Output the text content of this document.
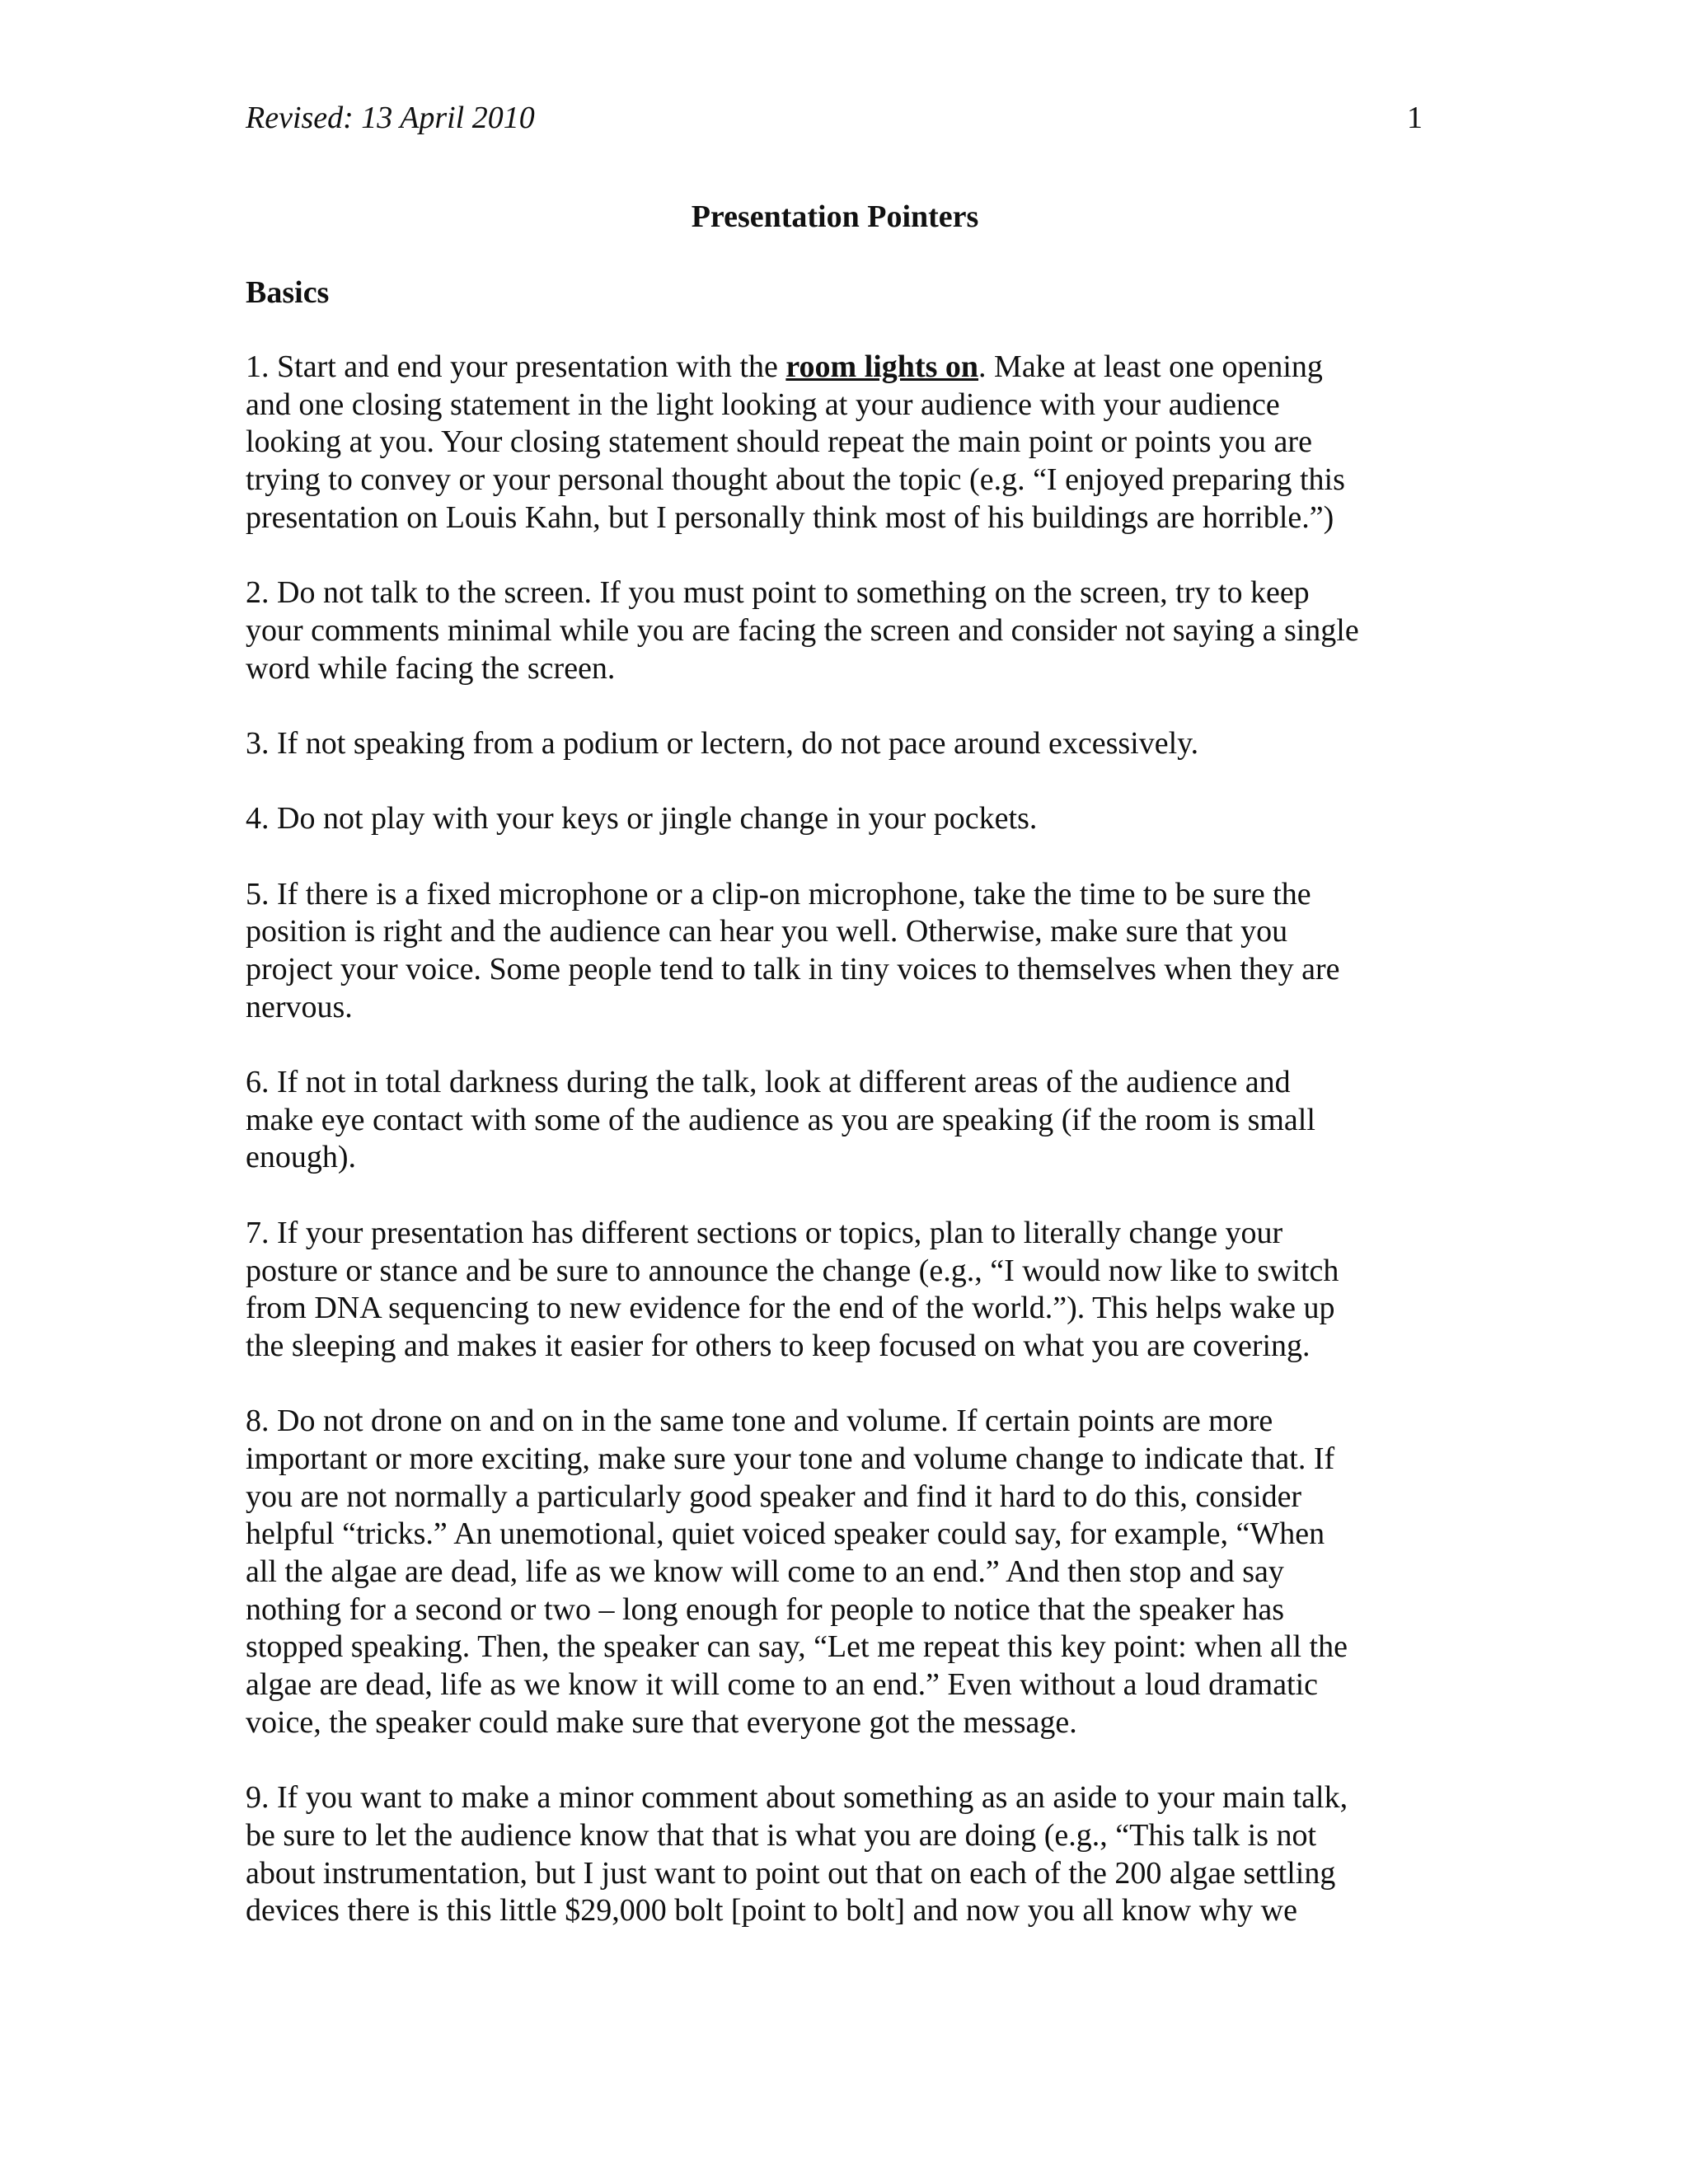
Revised: 13 April 2010	1
Presentation Pointers
Basics
1. Start and end your presentation with the room lights on. Make at least one opening
and one closing statement in the light looking at your audience with your audience
looking at you. Your closing statement should repeat the main point or points you are
trying to convey or your personal thought about the topic (e.g. “I enjoyed preparing this
presentation on Louis Kahn, but I personally think most of his buildings are horrible.”)
2. Do not talk to the screen. If you must point to something on the screen, try to keep
your comments minimal while you are facing the screen and consider not saying a single
word while facing the screen.
3. If not speaking from a podium or lectern, do not pace around excessively.
4. Do not play with your keys or jingle change in your pockets.
5. If there is a fixed microphone or a clip-on microphone, take the time to be sure the
position is right and the audience can hear you well. Otherwise, make sure that you
project your voice. Some people tend to talk in tiny voices to themselves when they are
nervous.
6. If not in total darkness during the talk, look at different areas of the audience and
make eye contact with some of the audience as you are speaking (if the room is small
enough).
7. If your presentation has different sections or topics, plan to literally change your
posture or stance and be sure to announce the change (e.g., “I would now like to switch
from DNA sequencing to new evidence for the end of the world.”). This helps wake up
the sleeping and makes it easier for others to keep focused on what you are covering.
8. Do not drone on and on in the same tone and volume. If certain points are more
important or more exciting, make sure your tone and volume change to indicate that. If
you are not normally a particularly good speaker and find it hard to do this, consider
helpful “tricks.” An unemotional, quiet voiced speaker could say, for example, “When
all the algae are dead, life as we know will come to an end.” And then stop and say
nothing for a second or two – long enough for people to notice that the speaker has
stopped speaking. Then, the speaker can say, “Let me repeat this key point: when all the
algae are dead, life as we know it will come to an end.” Even without a loud dramatic
voice, the speaker could make sure that everyone got the message.
9. If you want to make a minor comment about something as an aside to your main talk,
be sure to let the audience know that that is what you are doing (e.g., “This talk is not
about instrumentation, but I just want to point out that on each of the 200 algae settling
devices there is this little $29,000 bolt [point to bolt] and now you all know why we
